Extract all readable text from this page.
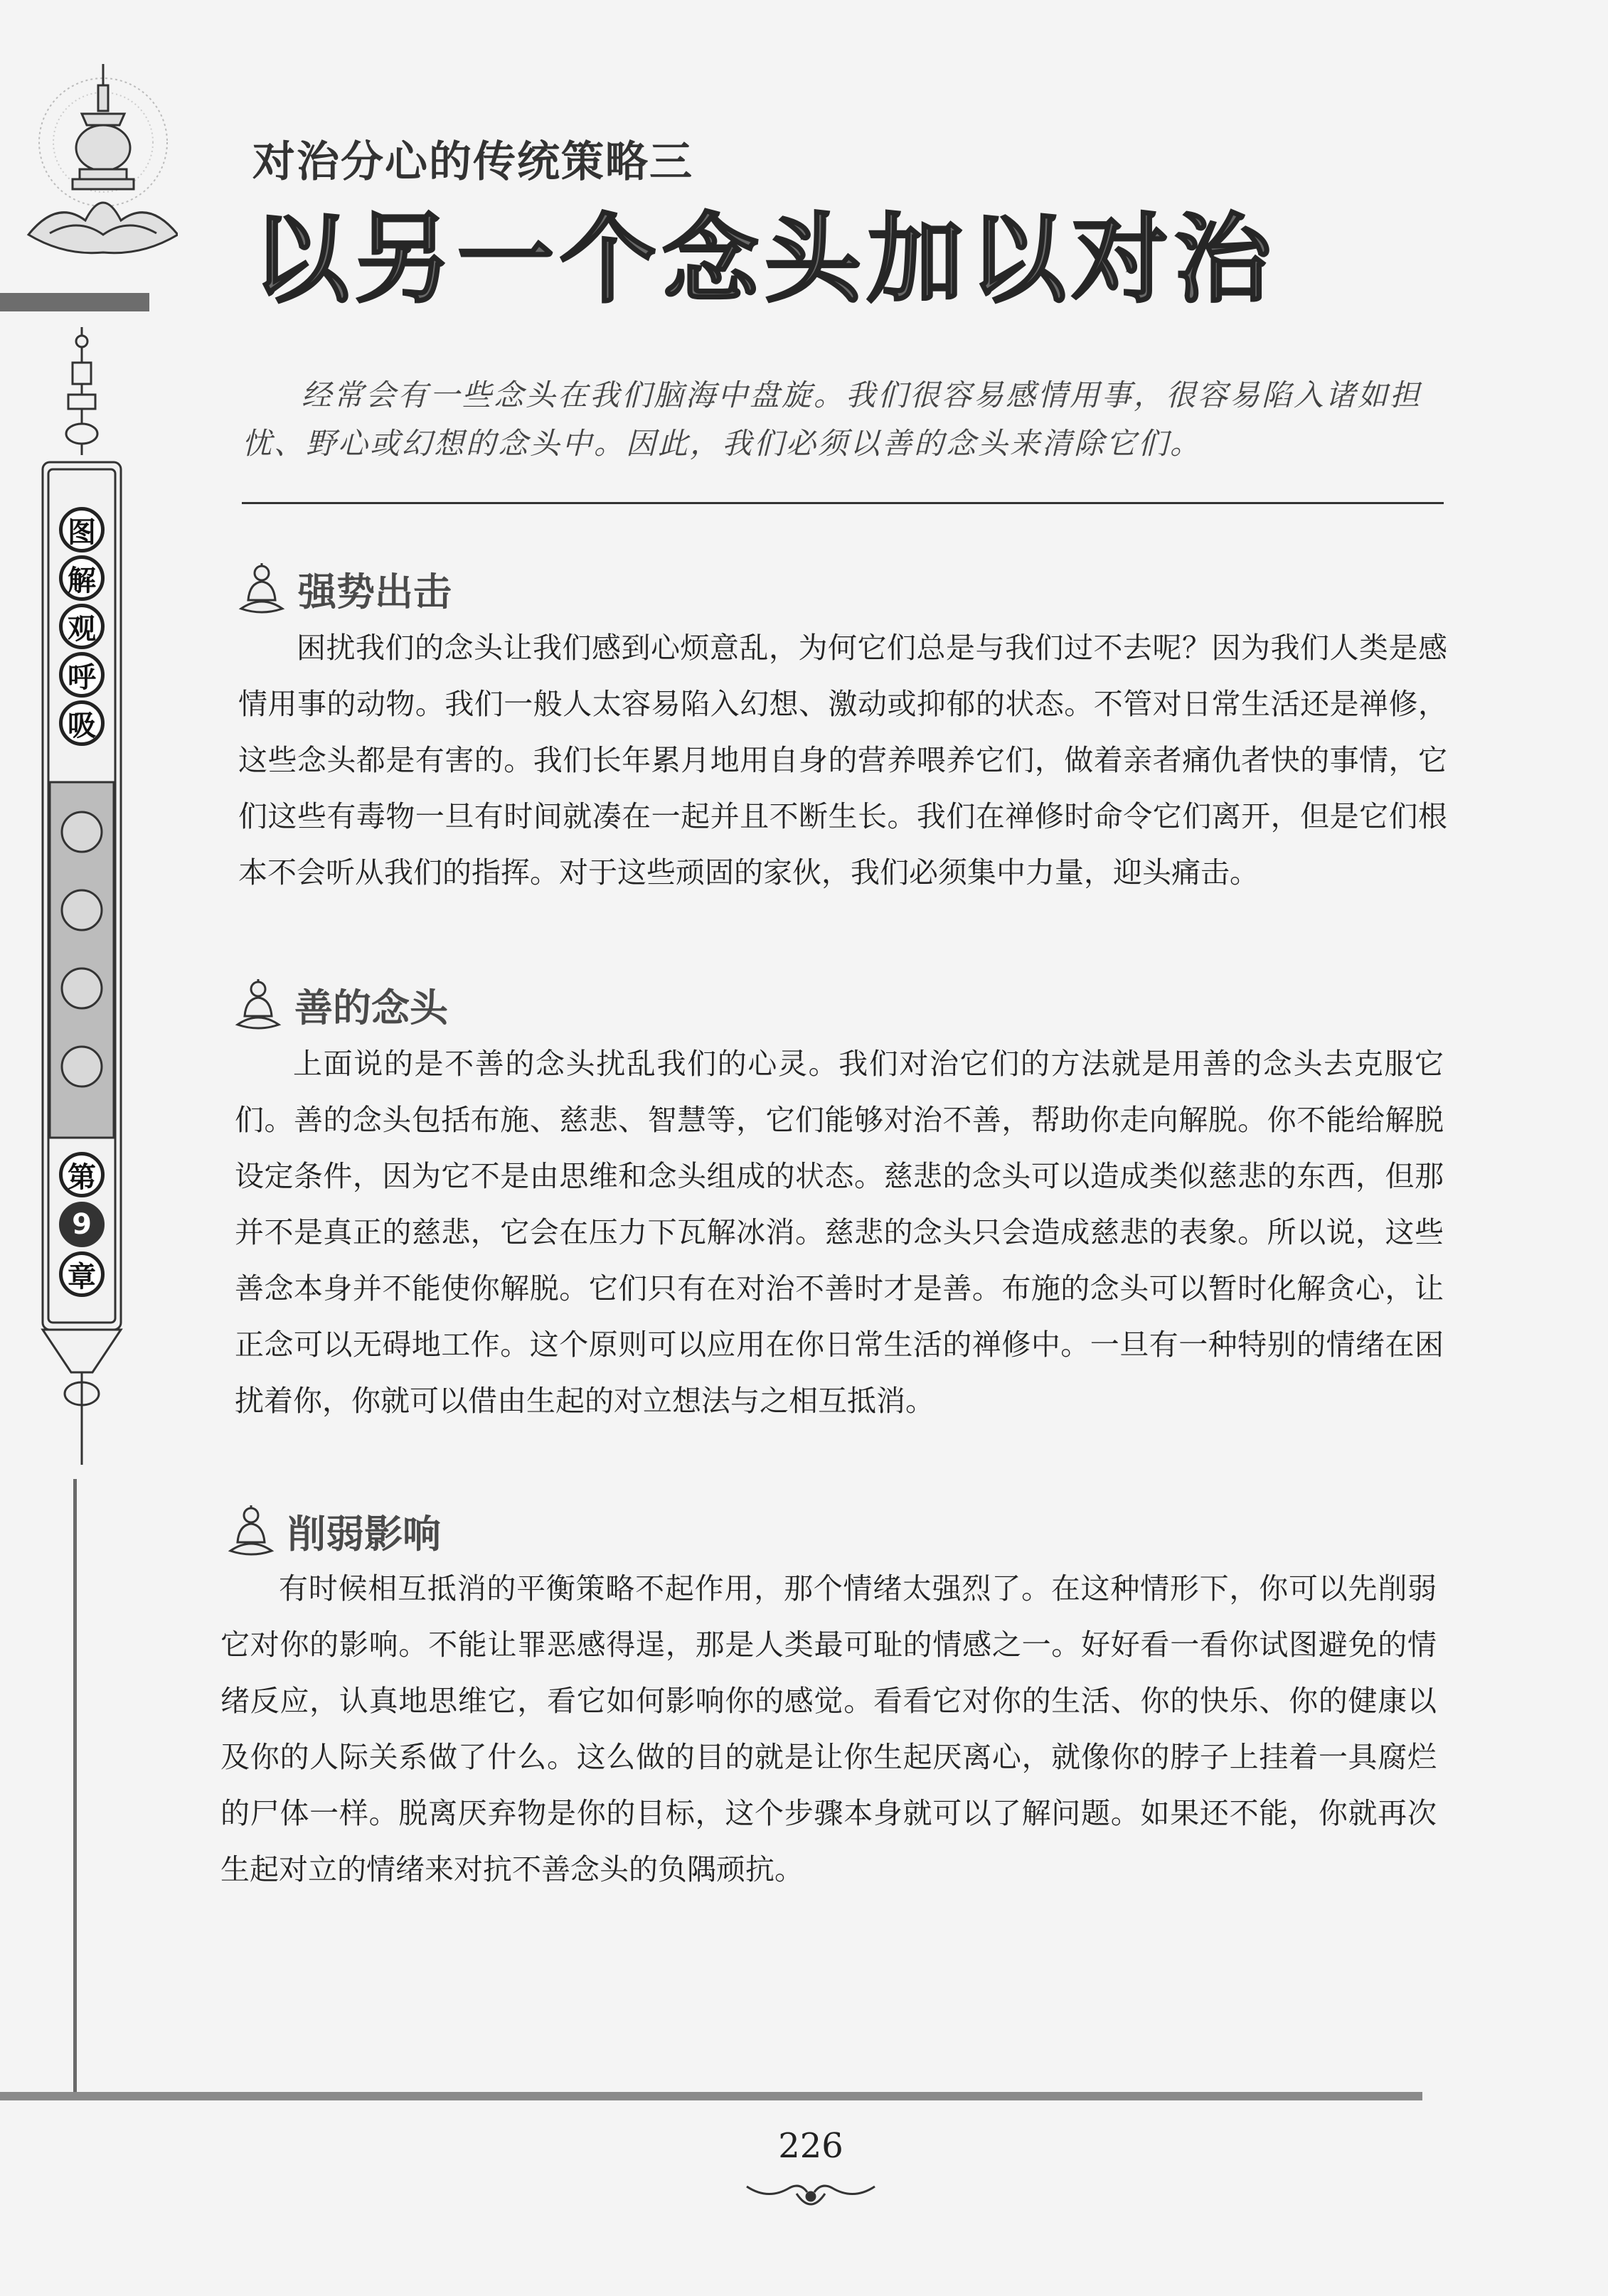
图
解
观
呼
吸
第
9
章
对治分心的传统策略三
以另一个念头加以对治

经常会有一些念头在我们脑海中盘旋。我们很容易感情用事，很容易陷入诸如担忧、野心或幻想的念头中。因此，我们必须以善的念头来清除它们。

强势出击

困扰我们的念头让我们感到心烦意乱，为何它们总是与我们过不去呢？因为我们人类是感情用事的动物。我们一般人太容易陷入幻想、激动或抑郁的状态。不管对日常生活还是禅修，这些念头都是有害的。我们长年累月地用自身的营养喂养它们，做着亲者痛仇者快的事情，它们这些有毒物一旦有时间就凑在一起并且不断生长。我们在禅修时命令它们离开，但是它们根本不会听从我们的指挥。对于这些顽固的家伙，我们必须集中力量，迎头痛击。

善的念头

上面说的是不善的念头扰乱我们的心灵。我们对治它们的方法就是用善的念头去克服它们。善的念头包括布施、慈悲、智慧等，它们能够对治不善，帮助你走向解脱。你不能给解脱设定条件，因为它不是由思维和念头组成的状态。慈悲的念头可以造成类似慈悲的东西，但那并不是真正的慈悲，它会在压力下瓦解冰消。慈悲的念头只会造成慈悲的表象。所以说，这些善念本身并不能使你解脱。它们只有在对治不善时才是善。布施的念头可以暂时化解贪心，让正念可以无碍地工作。这个原则可以应用在你日常生活的禅修中。一旦有一种特别的情绪在困扰着你，你就可以借由生起的对立想法与之相互抵消。

削弱影响

有时候相互抵消的平衡策略不起作用，那个情绪太强烈了。在这种情形下，你可以先削弱它对你的影响。不能让罪恶感得逞，那是人类最可耻的情感之一。好好看一看你试图避免的情绪反应，认真地思维它，看它如何影响你的感觉。看看它对你的生活、你的快乐、你的健康以及你的人际关系做了什么。这么做的目的就是让你生起厌离心，就像你的脖子上挂着一具腐烂的尸体一样。脱离厌弃物是你的目标，这个步骤本身就可以了解问题。如果还不能，你就再次生起对立的情绪来对抗不善念头的负隅顽抗。

226
